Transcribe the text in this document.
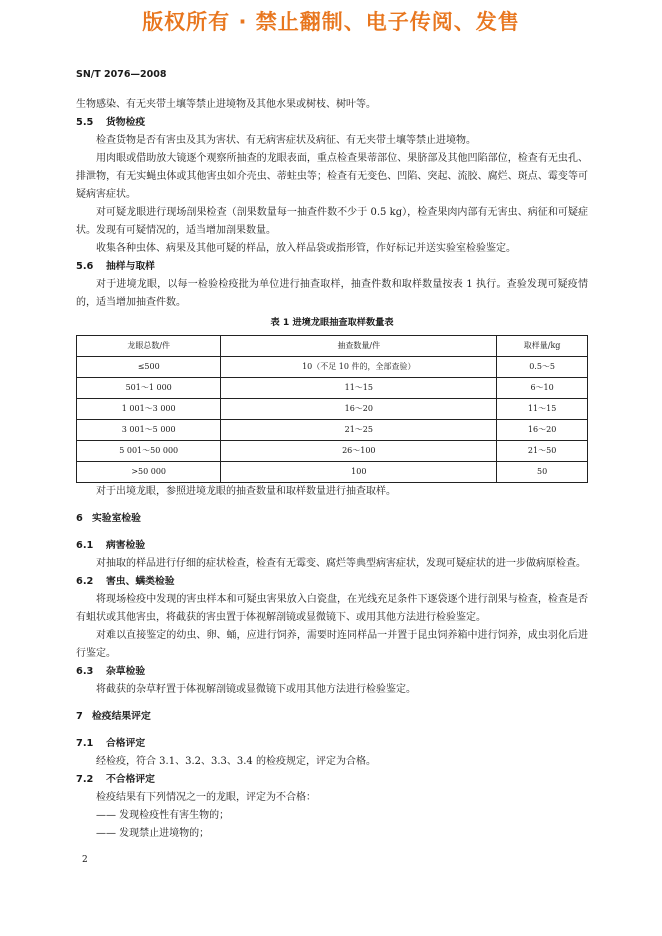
版权所有 · 禁止翻制、电子传阅、发售
SN/T 2076—2008

生物感染、有无夹带土壤等禁止进境物及其他水果或树枝、树叶等。

5.5 货物检疫

检查货物是否有害虫及其为害状、有无病害症状及病征、有无夹带土壤等禁止进境物。

用肉眼或借助放大镜逐个观察所抽查的龙眼表面，重点检查果蒂部位、果脐部及其他凹陷部位，检查有无虫孔、排泄物，有无实蝇虫体或其他害虫如介壳虫、蒂蛀虫等；检查有无变色、凹陷、突起、流胶、腐烂、斑点、霉变等可疑病害症状。

对可疑龙眼进行现场剖果检查（剖果数量每一抽查件数不少于 0.5 kg），检查果肉内部有无害虫、病征和可疑症状。发现有可疑情况的，适当增加剖果数量。

收集各种虫体、病果及其他可疑的样品，放入样品袋或指形管，作好标记并送实验室检验鉴定。

5.6 抽样与取样

对于进境龙眼，以每一检验检疫批为单位进行抽查取样，抽查件数和取样数量按表 1 执行。查验发现可疑疫情的，适当增加抽查件数。

表 1 进境龙眼抽查取样数量表
龙眼总数/件	抽查数量/件	取样量/kg
≤500	10（不足 10 件的，全部查验）	0.5～5
501～1 000	11～15	6～10
1 001～3 000	16～20	11～15
3 001～5 000	21～25	16～20
5 001～50 000	26～100	21～50
>50 000	100	50

对于出境龙眼，参照进境龙眼的抽查数量和取样数量进行抽查取样。

6 实验室检验
6.1 病害检验

对抽取的样品进行仔细的症状检查，检查有无霉变、腐烂等典型病害症状，发现可疑症状的进一步做病原检查。

6.2 害虫、螨类检验

将现场检疫中发现的害虫样本和可疑虫害果放入白瓷盘，在光线充足条件下逐袋逐个进行剖果与检查，检查是否有蛆状或其他害虫，将截获的害虫置于体视解剖镜或显微镜下、或用其他方法进行检验鉴定。

对难以直接鉴定的幼虫、卵、蛹，应进行饲养，需要时连同样品一并置于昆虫饲养箱中进行饲养，成虫羽化后进行鉴定。

6.3 杂草检验

将截获的杂草籽置于体视解剖镜或显微镜下或用其他方法进行检验鉴定。

7 检疫结果评定
7.1 合格评定

经检疫，符合 3.1、3.2、3.3、3.4 的检疫规定，评定为合格。

7.2 不合格评定

检疫结果有下列情况之一的龙眼，评定为不合格：

—— 发现检疫性有害生物的；

—— 发现禁止进境物的；

2
